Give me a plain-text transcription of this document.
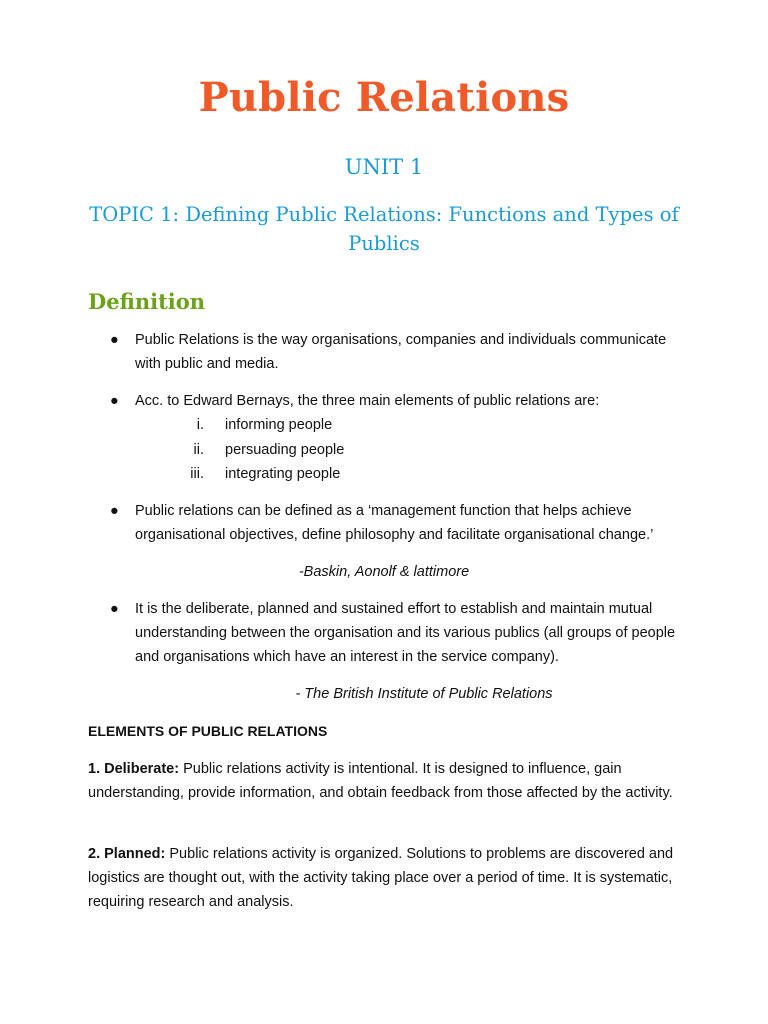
Public Relations
UNIT 1
TOPIC 1: Defining Public Relations: Functions and Types of Publics
Definition
●	Public Relations is the way organisations, companies and individuals communicate with public and media.
●	Acc. to Edward Bernays, the three main elements of public relations are:
i. informing people
ii. persuading people
iii. integrating people
●	Public relations can be defined as a ‘management function that helps achieve organisational objectives, define philosophy and facilitate organisational change.’
-Baskin, Aonolf & lattimore
●	It is the deliberate, planned and sustained effort to establish and maintain mutual understanding between the organisation and its various publics (all groups of people and organisations which have an interest in the service company).
- The British Institute of Public Relations
ELEMENTS OF PUBLIC RELATIONS
1. Deliberate: Public relations activity is intentional. It is designed to influence, gain understanding, provide information, and obtain feedback from those affected by the activity.
2. Planned: Public relations activity is organized. Solutions to problems are discovered and logistics are thought out, with the activity taking place over a period of time. It is systematic, requiring research and analysis.
